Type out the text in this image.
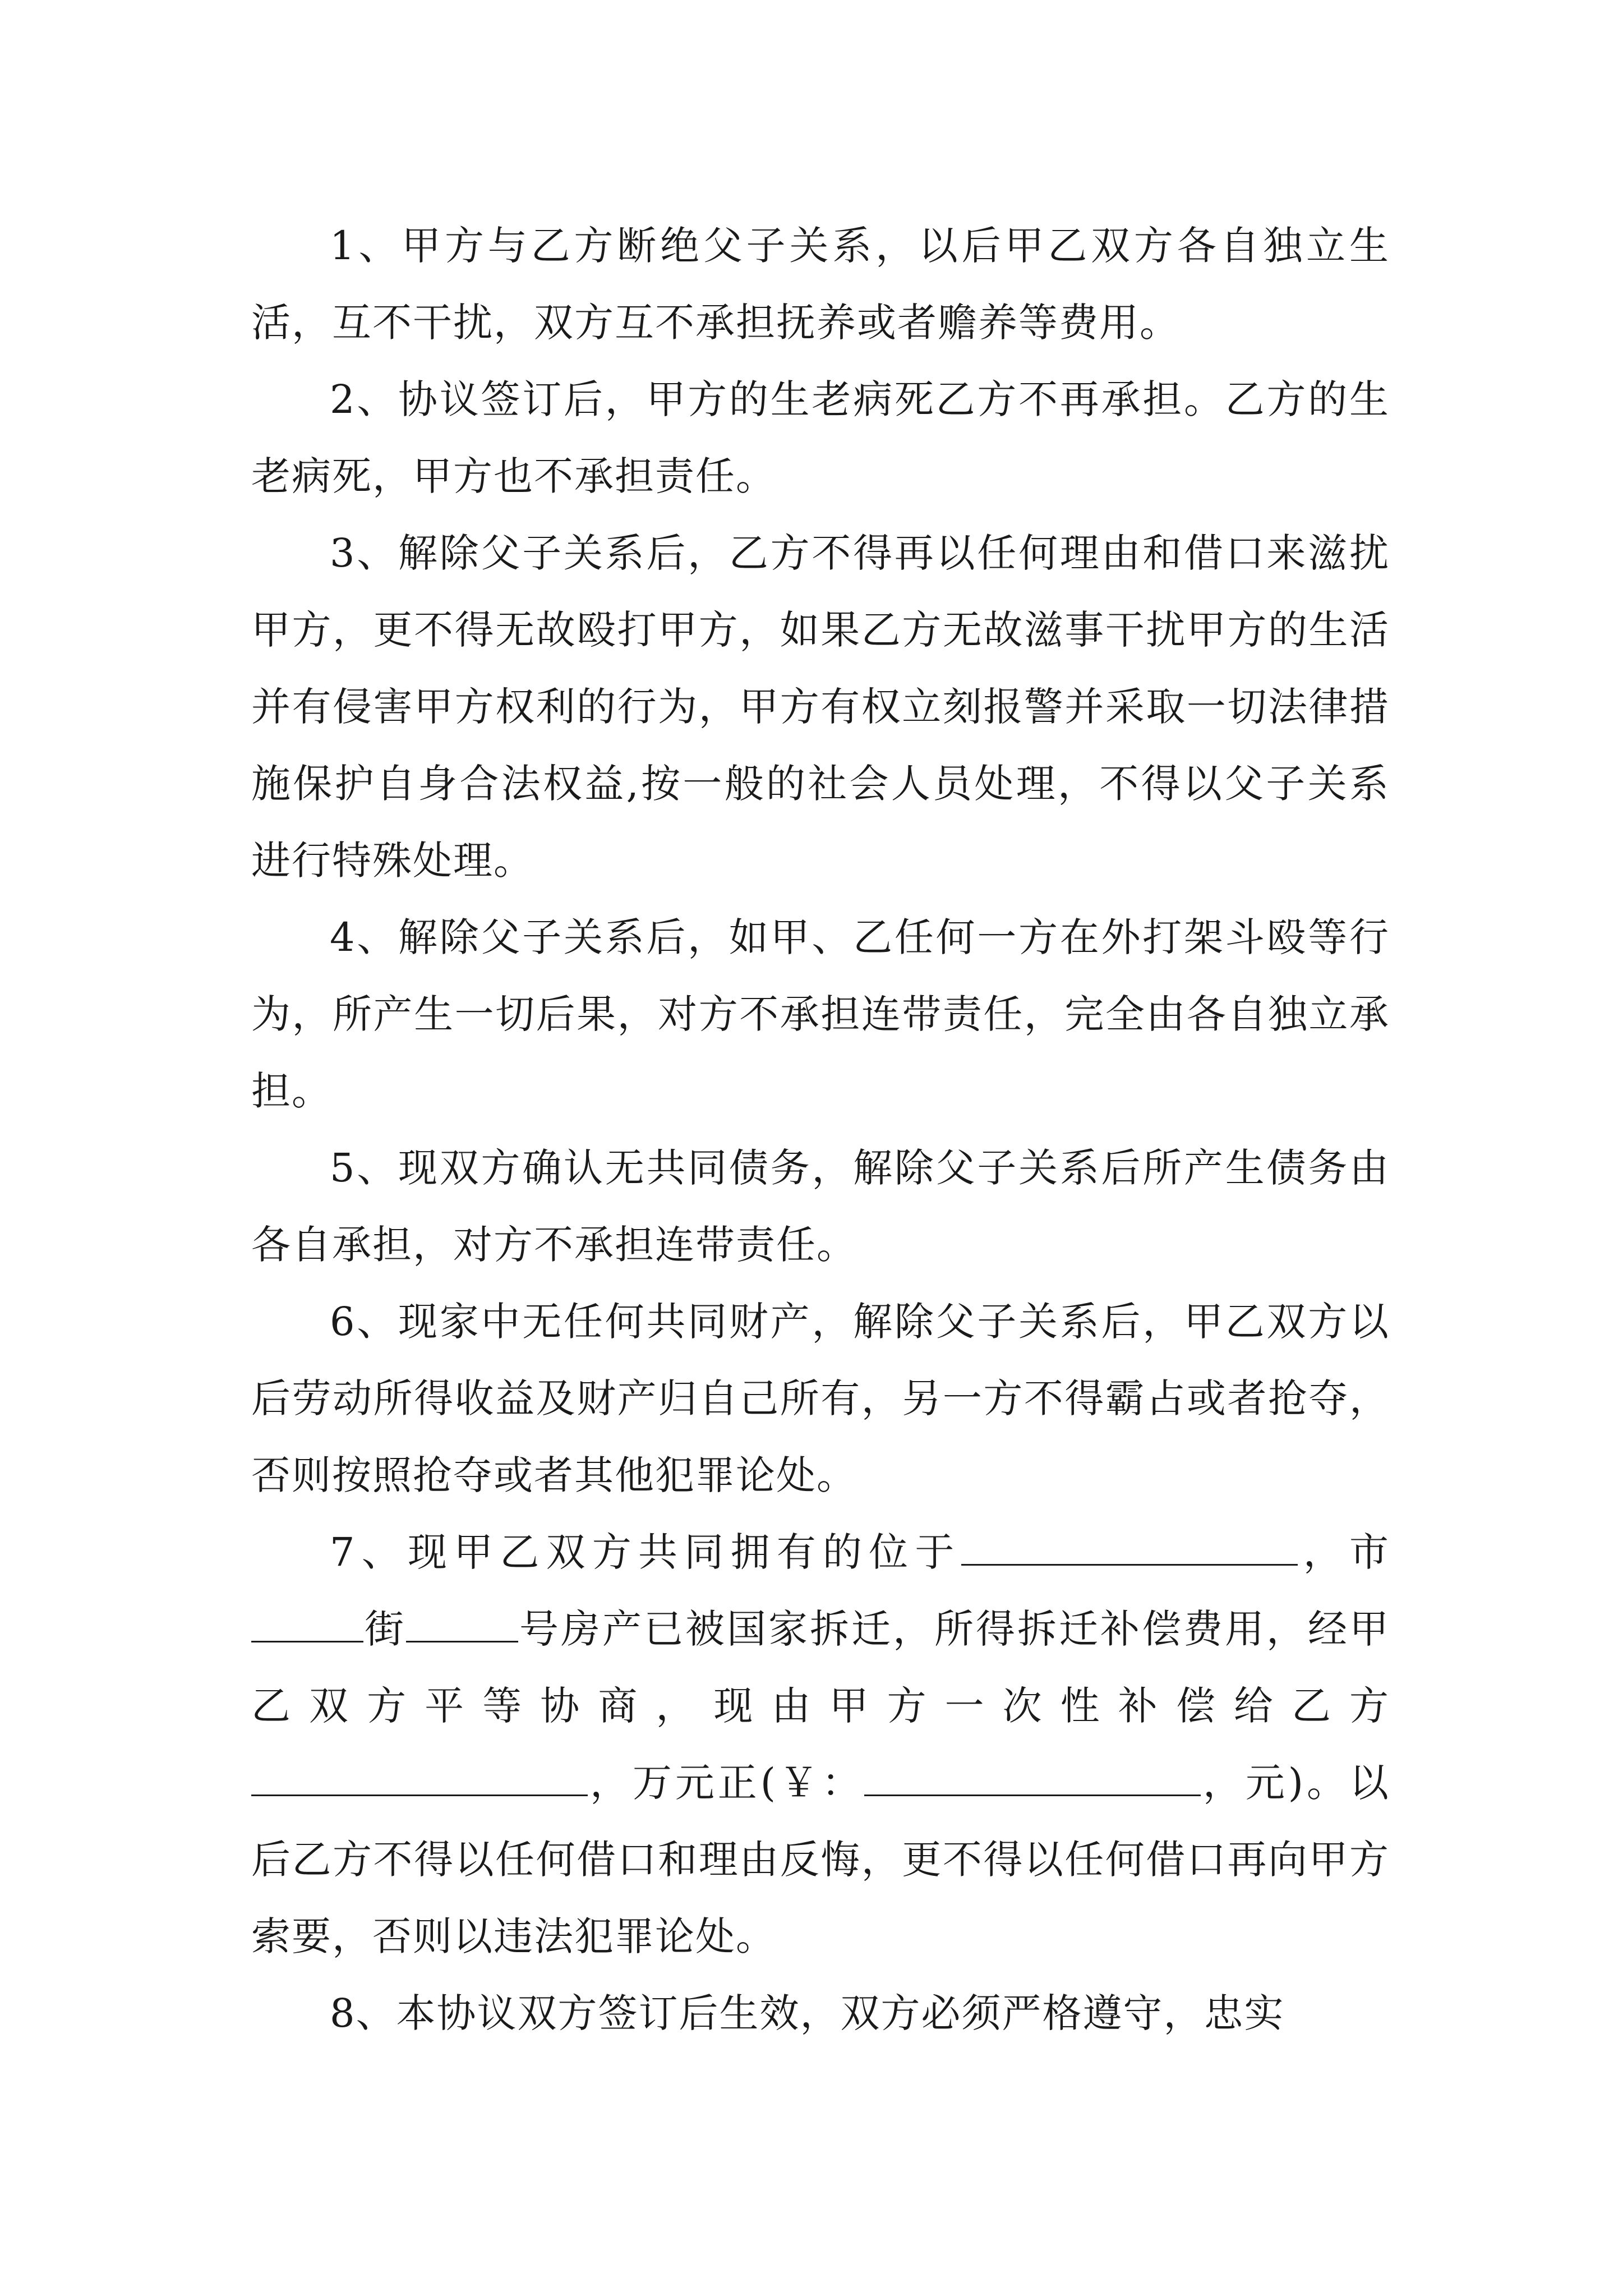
1、甲方与乙方断绝父子关系，以后甲乙双方各自独立生活，互不干扰，双方互不承担抚养或者赡养等费用。

2、协议签订后，甲方的生老病死乙方不再承担。乙方的生老病死，甲方也不承担责任。

3、解除父子关系后，乙方不得再以任何理由和借口来滋扰甲方，更不得无故殴打甲方，如果乙方无故滋事干扰甲方的生活并有侵害甲方权利的行为，甲方有权立刻报警并采取一切法律措施保护自身合法权益,按一般的社会人员处理，不得以父子关系进行特殊处理。

4、解除父子关系后，如甲、乙任何一方在外打架斗殴等行为，所产生一切后果，对方不承担连带责任，完全由各自独立承担。

5、现双方确认无共同债务，解除父子关系后所产生债务由各自承担，对方不承担连带责任。

6、现家中无任何共同财产，解除父子关系后，甲乙双方以后劳动所得收益及财产归自己所有，另一方不得霸占或者抢夺，否则按照抢夺或者其他犯罪论处。

7、现甲乙双方共同拥有的位于	，市街	号房产已被国家拆迁，所得拆迁补偿费用，经甲乙双方平等协商，现由甲方一次性补偿给乙方，万元正(￥：	，元)。以后乙方不得以任何借口和理由反悔，更不得以任何借口再向甲方索要，否则以违法犯罪论处。

8、本协议双方签订后生效，双方必须严格遵守，忠实
